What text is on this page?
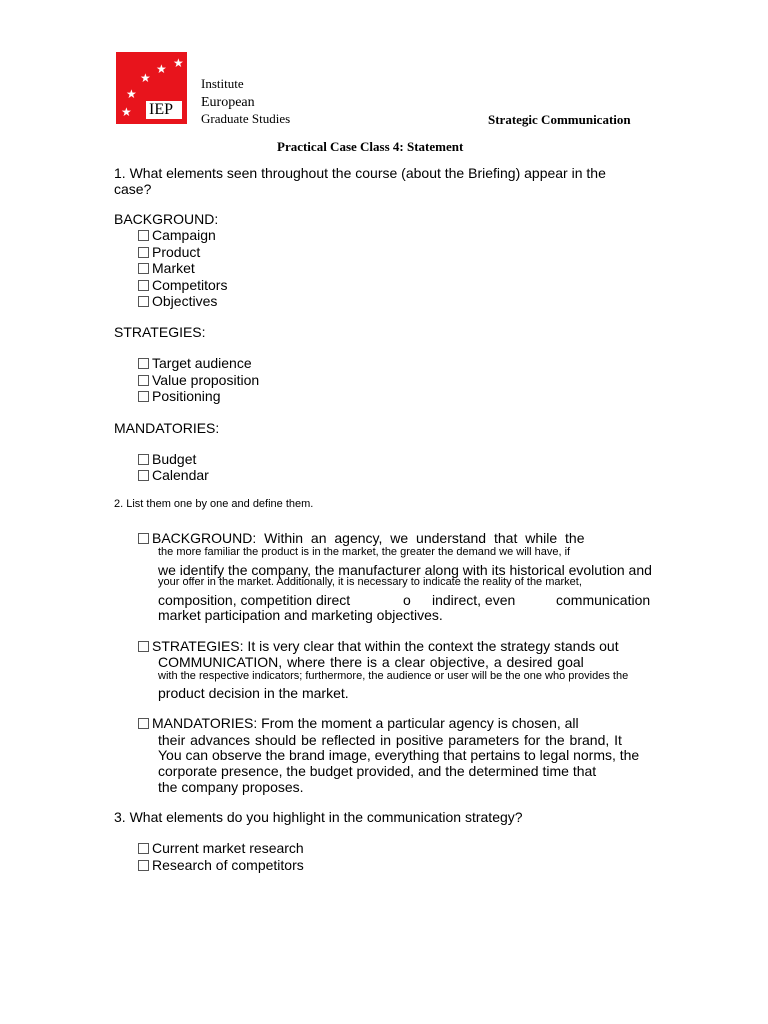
★
★
★
★
★ IEP
Institute
European
Graduate Studies	Strategic Communication
Practical Case Class 4: Statement
1. What elements seen throughout the course (about the Briefing) appear in the
case?
BACKGROUND:
Campaign
Product
Market
Competitors
Objectives
STRATEGIES:
Target audience
Value proposition
Positioning
MANDATORIES:
Budget
Calendar
2. List them one by one and define them.
BACKGROUND: Within an agency, we understand that while the
the more familiar the product is in the market, the greater the demand we will have, if
we identify the company, the manufacturer along with its historical evolution and
your offer in the market. Additionally, it is necessary to indicate the reality of the market,
composition, competition direct	o indirect, even	communication
market participation and marketing objectives.
STRATEGIES: It is very clear that within the context the strategy stands out
COMMUNICATION, where there is a clear objective, a desired goal
with the respective indicators; furthermore, the audience or user will be the one who provides the
product decision in the market.
MANDATORIES: From the moment a particular agency is chosen, all
their advances should be reflected in positive parameters for the brand, It
You can observe the brand image, everything that pertains to legal norms, the
corporate presence, the budget provided, and the determined time that
the company proposes.
3. What elements do you highlight in the communication strategy?
Current market research
Research of competitors
